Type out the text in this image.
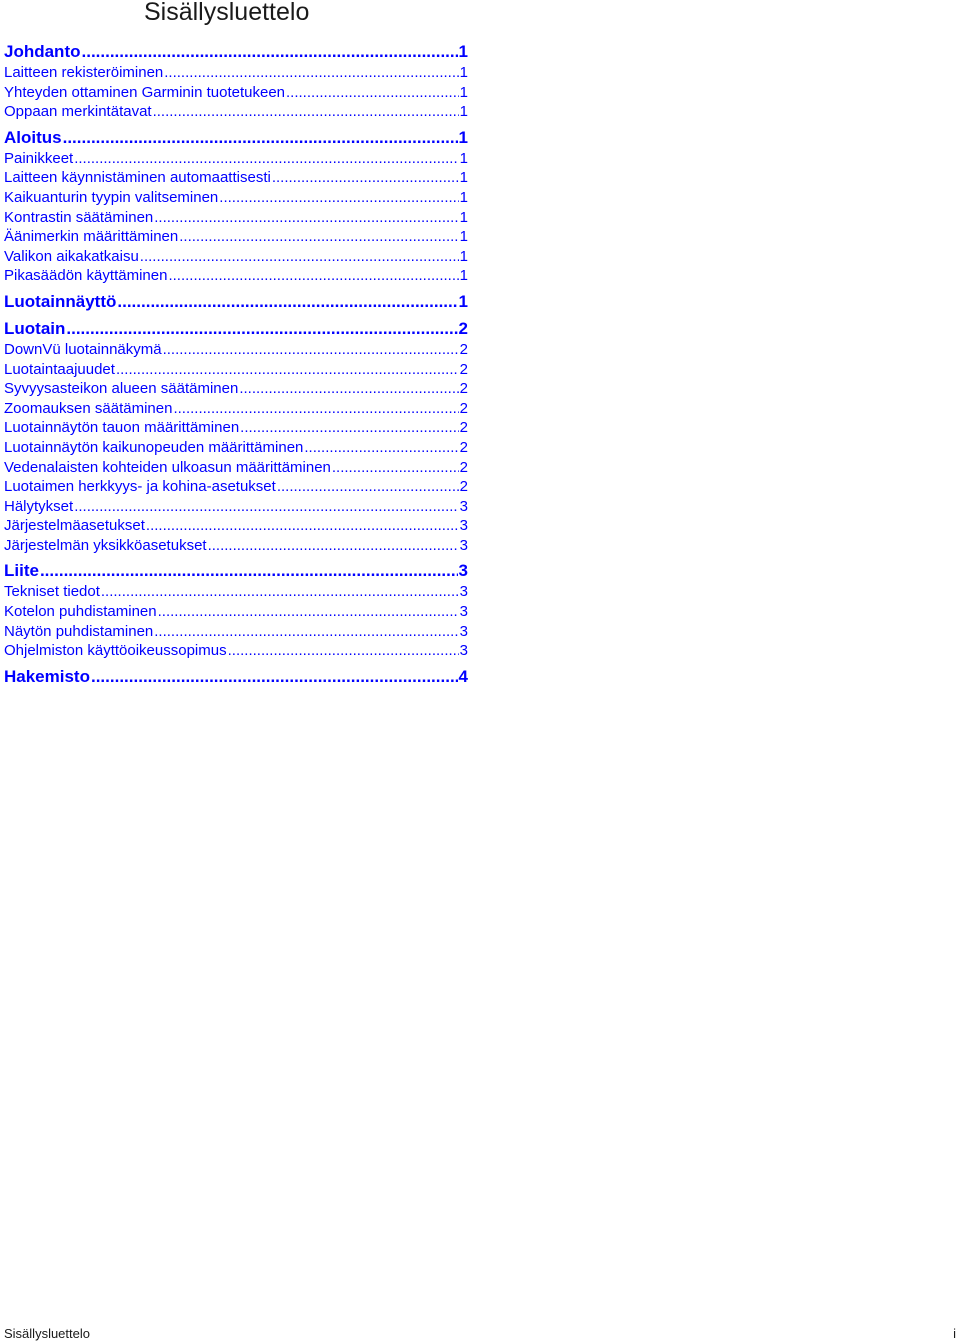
Sisällysluettelo
Johdanto .....	1
Laitteen rekisteröiminen .....	1
Yhteyden ottaminen Garminin tuotetukeen .....	1
Oppaan merkintätavat .....	1
Aloitus .....	1
Painikkeet .....	1
Laitteen käynnistäminen automaattisesti .....	1
Kaikuanturin tyypin valitseminen .....	1
Kontrastin säätäminen .....	1
Äänimerkin määrittäminen .....	1
Valikon aikakatkaisu .....	1
Pikasäädön käyttäminen .....	1
Luotainnäyttö .....	1
Luotain .....	2
DownVü luotainnäkymä .....	2
Luotaintaajuudet .....	2
Syvyysasteikon alueen säätäminen .....	2
Zoomauksen säätäminen .....	2
Luotainnäytön tauon määrittäminen .....	2
Luotainnäytön kaikunopeuden määrittäminen .....	2
Vedenalaisten kohteiden ulkoasun määrittäminen .....	2
Luotaimen herkkyys- ja kohina-asetukset .....	2
Hälytykset .....	3
Järjestelmäasetukset .....	3
Järjestelmän yksikköasetukset .....	3
Liite .....	3
Tekniset tiedot .....	3
Kotelon puhdistaminen .....	3
Näytön puhdistaminen .....	3
Ohjelmiston käyttöoikeussopimus .....	3
Hakemisto .....	4
Sisällysluettelo	i
